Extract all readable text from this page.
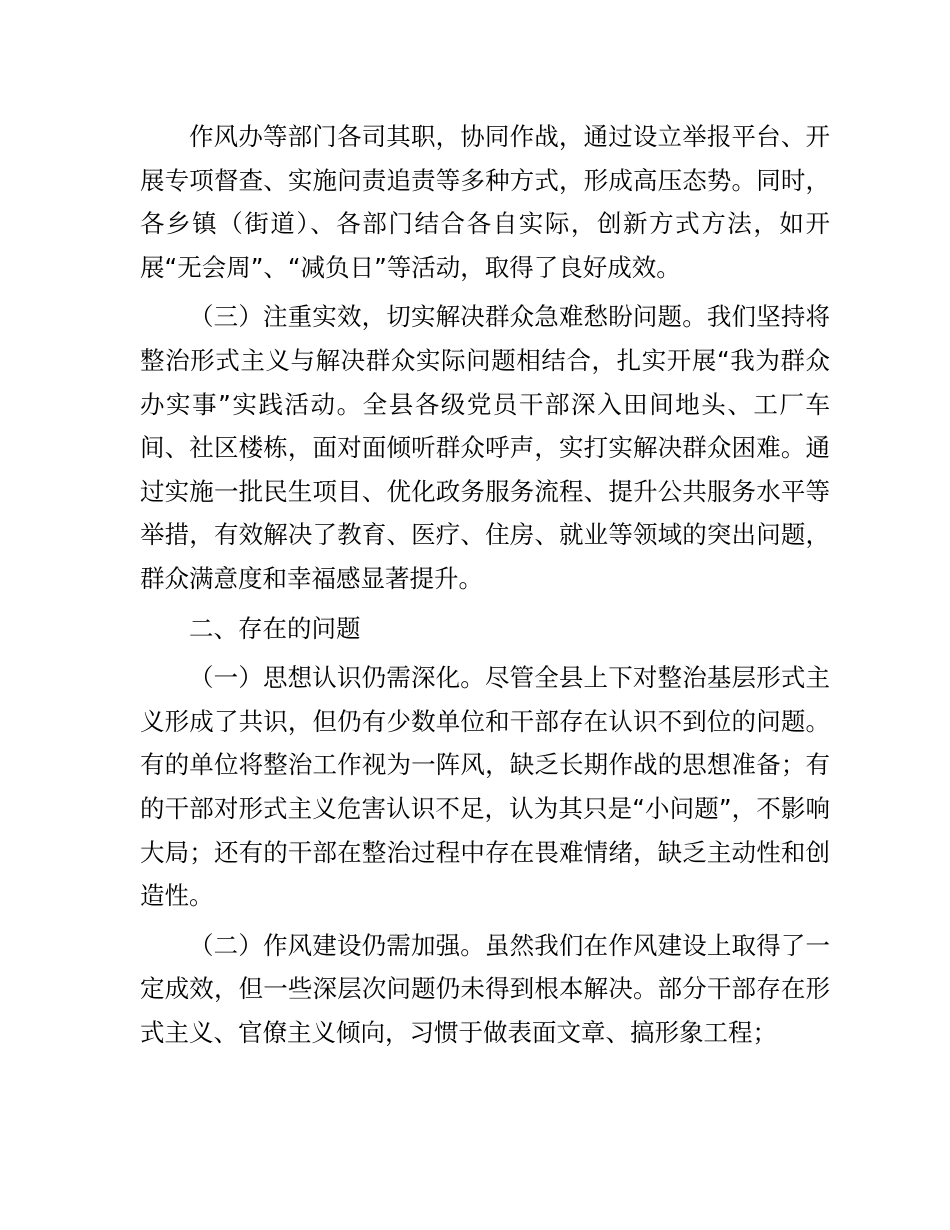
作风办等部门各司其职，协同作战，通过设立举报平台、开展专项督查、实施问责追责等多种方式，形成高压态势。同时，各乡镇（街道）、各部门结合各自实际，创新方式方法，如开展“无会周”、“减负日”等活动，取得了良好成效。

（三）注重实效，切实解决群众急难愁盼问题。我们坚持将整治形式主义与解决群众实际问题相结合，扎实开展“我为群众办实事”实践活动。全县各级党员干部深入田间地头、工厂车间、社区楼栋，面对面倾听群众呼声，实打实解决群众困难。通过实施一批民生项目、优化政务服务流程、提升公共服务水平等举措，有效解决了教育、医疗、住房、就业等领域的突出问题，群众满意度和幸福感显著提升。

二、存在的问题

（一）思想认识仍需深化。尽管全县上下对整治基层形式主义形成了共识，但仍有少数单位和干部存在认识不到位的问题。有的单位将整治工作视为一阵风，缺乏长期作战的思想准备；有的干部对形式主义危害认识不足，认为其只是“小问题”，不影响大局；还有的干部在整治过程中存在畏难情绪，缺乏主动性和创造性。

（二）作风建设仍需加强。虽然我们在作风建设上取得了一定成效，但一些深层次问题仍未得到根本解决。部分干部存在形式主义、官僚主义倾向，习惯于做表面文章、搞形象工程；
